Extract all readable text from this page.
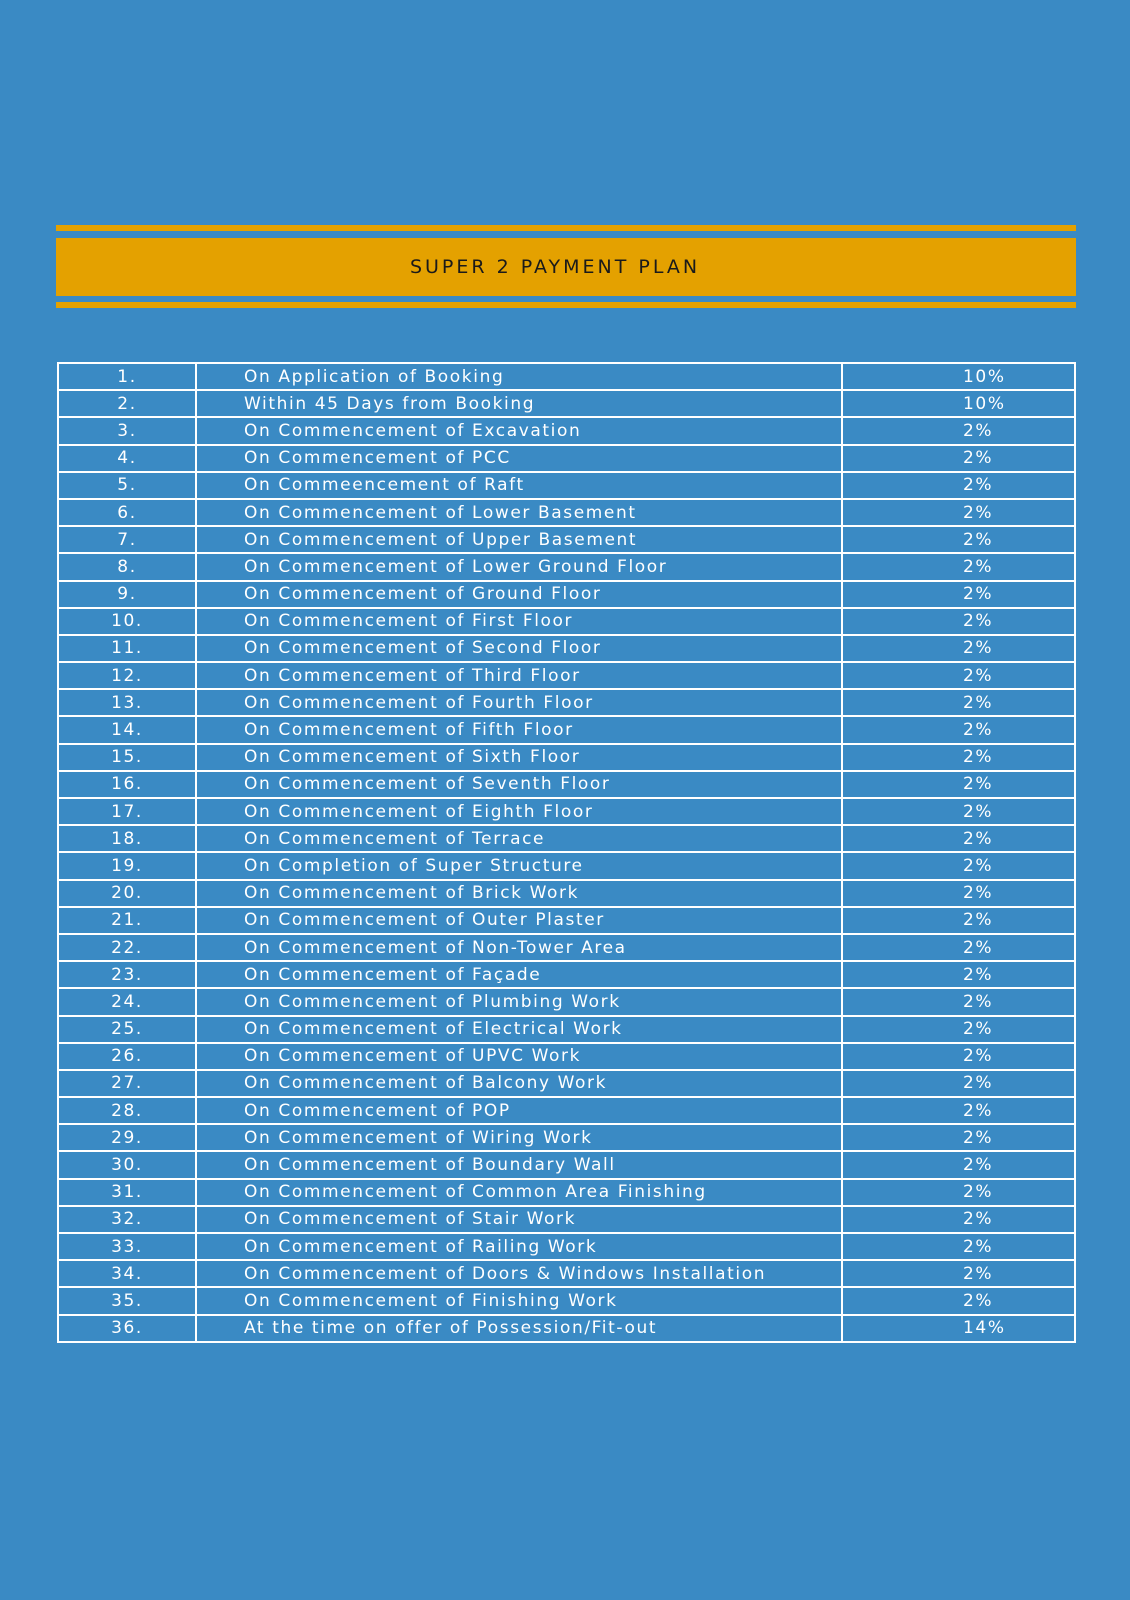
SUPER 2 PAYMENT PLAN
1.	On Application of Booking	10%
2.	Within 45 Days from Booking	10%
3.	On Commencement of Excavation	2%
4.	On Commencement of PCC	2%
5.	On Commeencement of Raft	2%
6.	On Commencement of Lower Basement	2%
7.	On Commencement of Upper Basement	2%
8.	On Commencement of Lower Ground Floor	2%
9.	On Commencement of Ground Floor	2%
10.	On Commencement of First Floor	2%
11.	On Commencement of Second Floor	2%
12.	On Commencement of Third Floor	2%
13.	On Commencement of Fourth Floor	2%
14.	On Commencement of Fifth Floor	2%
15.	On Commencement of Sixth Floor	2%
16.	On Commencement of Seventh Floor	2%
17.	On Commencement of Eighth Floor	2%
18.	On Commencement of Terrace	2%
19.	On Completion of Super Structure	2%
20.	On Commencement of Brick Work	2%
21.	On Commencement of Outer Plaster	2%
22.	On Commencement of Non-Tower Area	2%
23.	On Commencement of Façade	2%
24.	On Commencement of Plumbing Work	2%
25.	On Commencement of Electrical Work	2%
26.	On Commencement of UPVC Work	2%
27.	On Commencement of Balcony Work	2%
28.	On Commencement of POP	2%
29.	On Commencement of Wiring Work	2%
30.	On Commencement of Boundary Wall	2%
31.	On Commencement of Common Area Finishing	2%
32.	On Commencement of Stair Work	2%
33.	On Commencement of Railing Work	2%
34.	On Commencement of Doors & Windows Installation	2%
35.	On Commencement of Finishing Work	2%
36.	At the time on offer of Possession/Fit-out	14%
